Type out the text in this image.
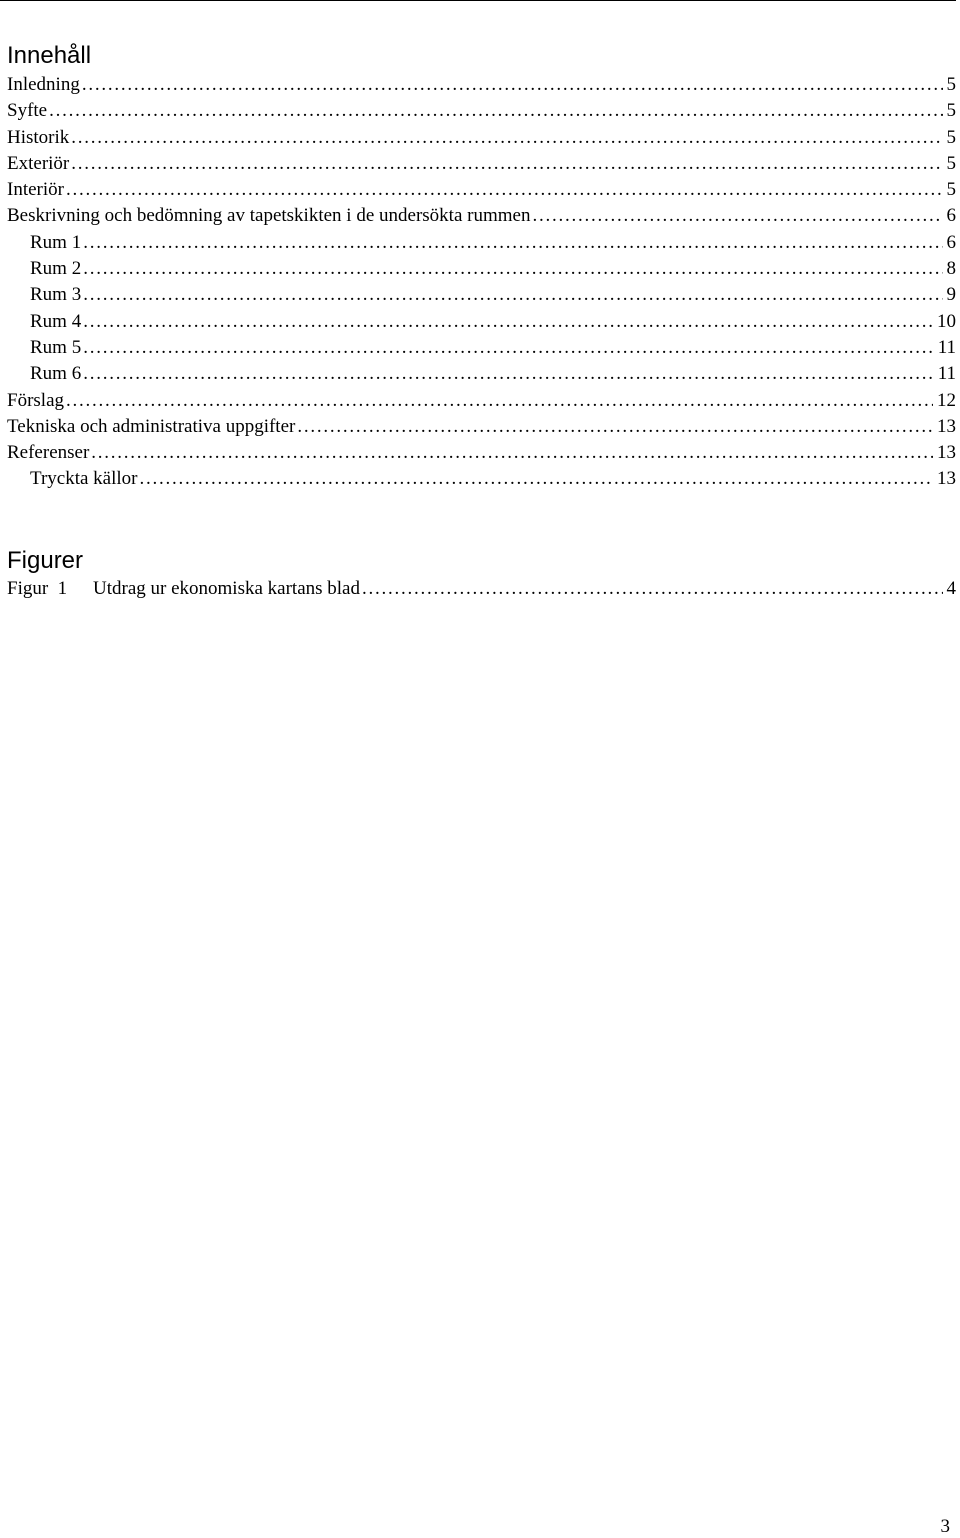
Innehåll
Inledning . . .	5
Syfte . . .	5
Historik . . .	5
Exteriör . . .	5
Interiör . . .	5
Beskrivning och bedömning av tapetskikten i de undersökta rummen . . .	6
Rum 1 . . .	6
Rum 2 . . .	8
Rum 3 . . .	9
Rum 4 . . .	10
Rum 5 . . .	11
Rum 6 . . .	11
Förslag . . .	12
Tekniska och administrativa uppgifter . . .	13
Referenser . . .	13
Tryckta källor . . .	13
Figurer
Figur  1	Utdrag ur ekonomiska kartans blad . . .	4
3
